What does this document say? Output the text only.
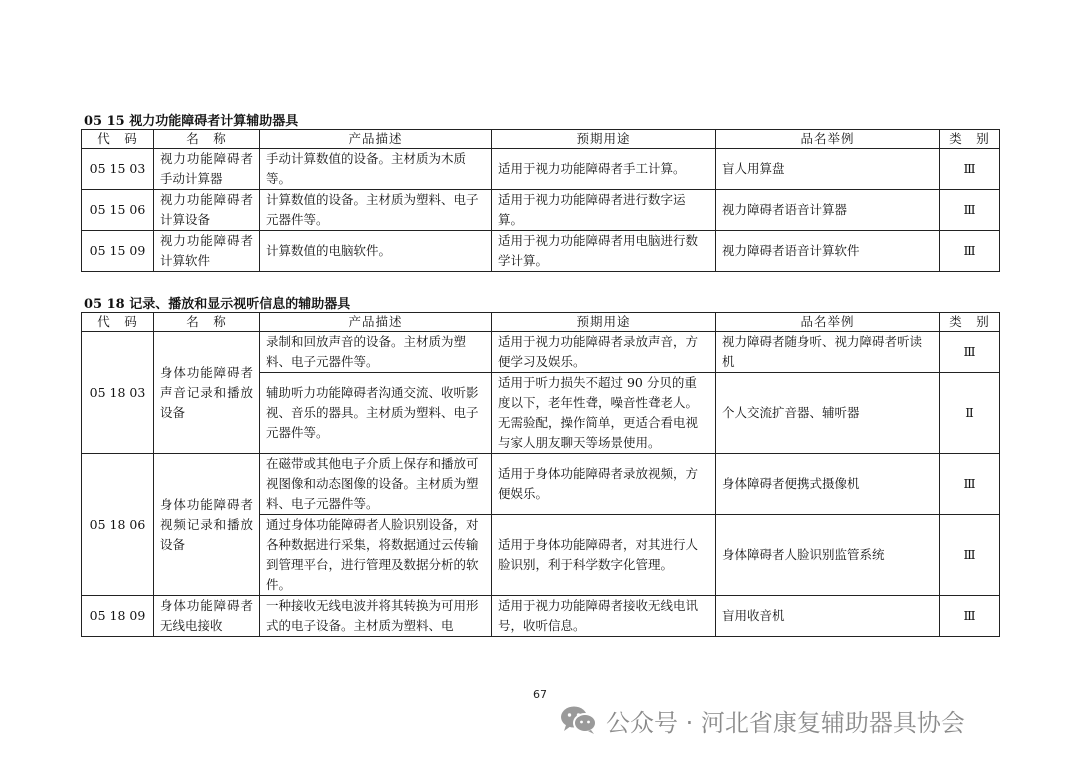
05 15 视力功能障碍者计算辅助器具
代　码	名　称	产品描述	预期用途	品名举例	类　别
05 15 03	视力功能障碍者手动计算器	手动计算数值的设备。主材质为木质等。	适用于视力功能障碍者手工计算。	盲人用算盘	Ⅲ
05 15 06	视力功能障碍者计算设备	计算数值的设备。主材质为塑料、电子元器件等。	适用于视力功能障碍者进行数字运算。	视力障碍者语音计算器	Ⅲ
05 15 09	视力功能障碍者计算软件	计算数值的电脑软件。	适用于视力功能障碍者用电脑进行数学计算。	视力障碍者语音计算软件	Ⅲ
05 18 记录、播放和显示视听信息的辅助器具
代　码	名　称	产品描述	预期用途	品名举例	类　别
05 18 03	身体功能障碍者声音记录和播放设备	录制和回放声音的设备。主材质为塑料、电子元器件等。	适用于视力功能障碍者录放声音，方便学习及娱乐。	视力障碍者随身听、视力障碍者听读机	Ⅲ
		辅助听力功能障碍者沟通交流、收听影视、音乐的器具。主材质为塑料、电子元器件等。	适用于听力损失不超过 90 分贝的重度以下，老年性聋，噪音性聋老人。无需验配，操作简单，更适合看电视与家人朋友聊天等场景使用。	个人交流扩音器、辅听器	Ⅱ
05 18 06	身体功能障碍者视频记录和播放设备	在磁带或其他电子介质上保存和播放可视图像和动态图像的设备。主材质为塑料、电子元器件等。	适用于身体功能障碍者录放视频，方便娱乐。	身体障碍者便携式摄像机	Ⅲ
		通过身体功能障碍者人脸识别设备，对各种数据进行采集，将数据通过云传输到管理平台，进行管理及数据分析的软件。	适用于身体功能障碍者，对其进行人脸识别，利于科学数字化管理。	身体障碍者人脸识别监管系统	Ⅲ
05 18 09	身体功能障碍者无线电接收	一种接收无线电波并将其转换为可用形式的电子设备。主材质为塑料、电	适用于视力功能障碍者接收无线电讯号，收听信息。	盲用收音机	Ⅲ
67
公众号 · 河北省康复辅助器具协会
